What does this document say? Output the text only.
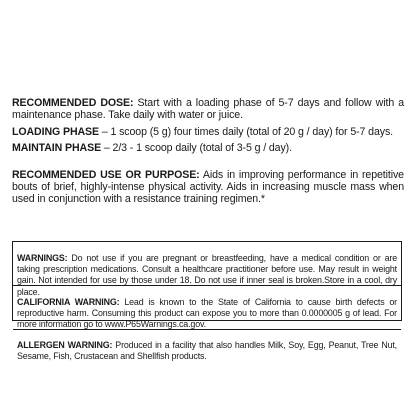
RECOMMENDED DOSE: Start with a loading phase of 5-7 days and follow with a maintenance phase. Take daily with water or juice.

LOADING PHASE – 1 scoop (5 g) four times daily (total of 20 g / day) for 5-7 days.

MAINTAIN PHASE – 2/3 - 1 scoop daily (total of 3-5 g / day).

RECOMMENDED USE OR PURPOSE: Aids in improving performance in repetitive bouts of brief, highly-intense physical activity. Aids in increasing muscle mass when used in conjunction with a resistance training regimen.*

WARNINGS: Do not use if you are pregnant or breastfeeding, have a medical condition or are taking prescription medications. Consult a healthcare practitioner before use. May result in weight gain. Not intended for use by those under 18. Do not use if inner seal is broken.Store in a cool, dry place.

CALIFORNIA WARNING: Lead is known to the State of California to cause birth defects or reproductive harm. Consuming this product can expose you to more than 0.0000005 g of lead. For more information go to www.P65Warnings.ca.gov.

ALLERGEN WARNING: Produced in a facility that also handles Milk, Soy, Egg, Peanut, Tree Nut, Sesame, Fish, Crustacean and Shellfish products.
